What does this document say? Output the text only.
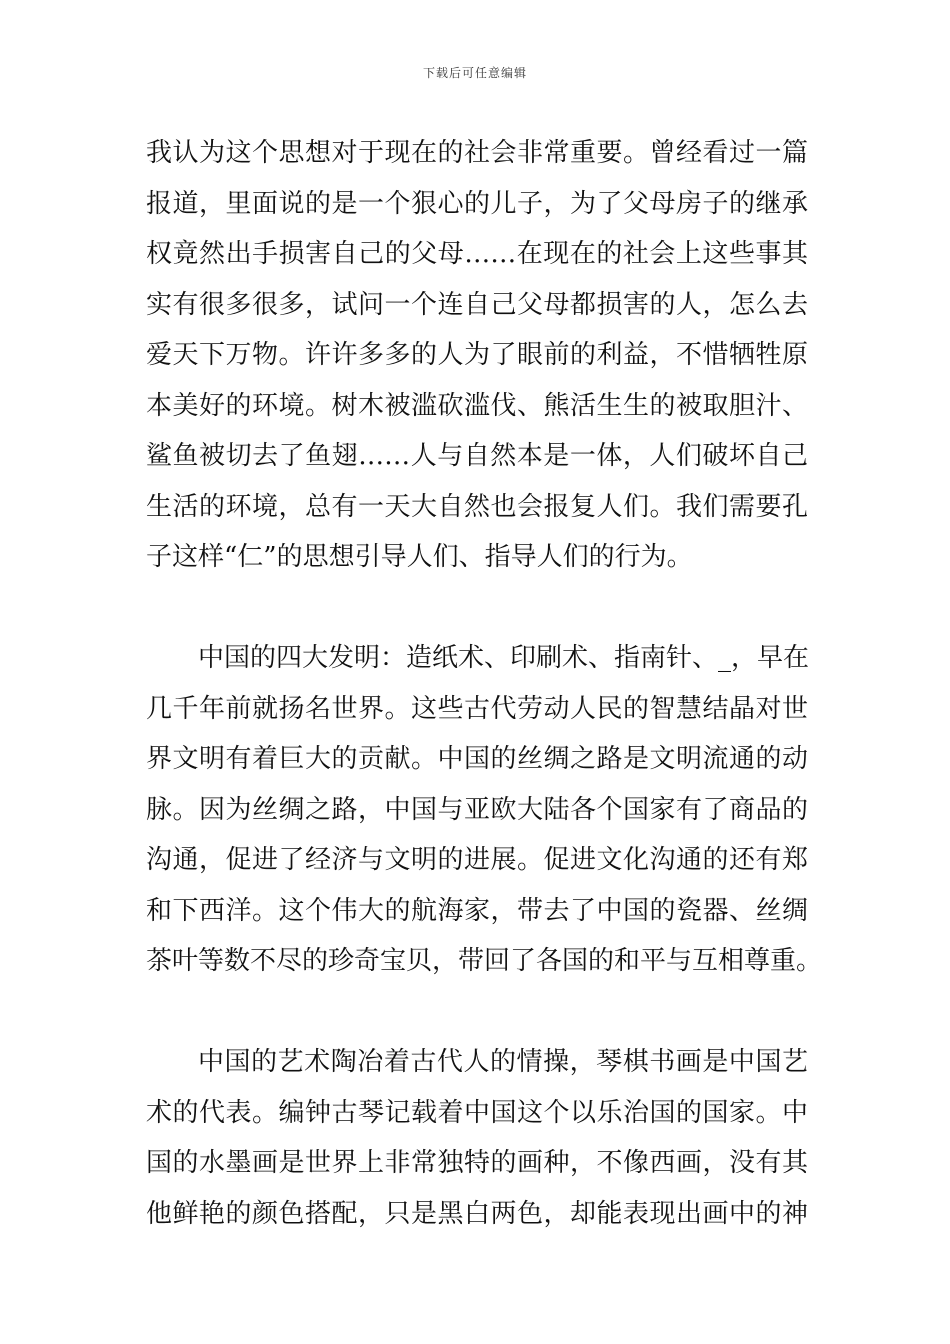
下载后可任意编辑
我认为这个思想对于现在的社会非常重要。曾经看过一篇
报道，里面说的是一个狠心的儿子，为了父母房子的继承
权竟然出手损害自己的父母……在现在的社会上这些事其
实有很多很多，试问一个连自己父母都损害的人，怎么去
爱天下万物。许许多多的人为了眼前的利益，不惜牺牲原
本美好的环境。树木被滥砍滥伐、熊活生生的被取胆汁、
鲨鱼被切去了鱼翅……人与自然本是一体，人们破坏自己
生活的环境，总有一天大自然也会报复人们。我们需要孔
子这样“仁”的思想引导人们、指导人们的行为。
中国的四大发明：造纸术、印刷术、指南针、_，早在
几千年前就扬名世界。这些古代劳动人民的智慧结晶对世
界文明有着巨大的贡献。中国的丝绸之路是文明流通的动
脉。因为丝绸之路，中国与亚欧大陆各个国家有了商品的
沟通，促进了经济与文明的进展。促进文化沟通的还有郑
和下西洋。这个伟大的航海家，带去了中国的瓷器、丝绸
茶叶等数不尽的珍奇宝贝，带回了各国的和平与互相尊重。
中国的艺术陶冶着古代人的情操，琴棋书画是中国艺
术的代表。编钟古琴记载着中国这个以乐治国的国家。中
国的水墨画是世界上非常独特的画种，不像西画，没有其
他鲜艳的颜色搭配，只是黑白两色，却能表现出画中的神
